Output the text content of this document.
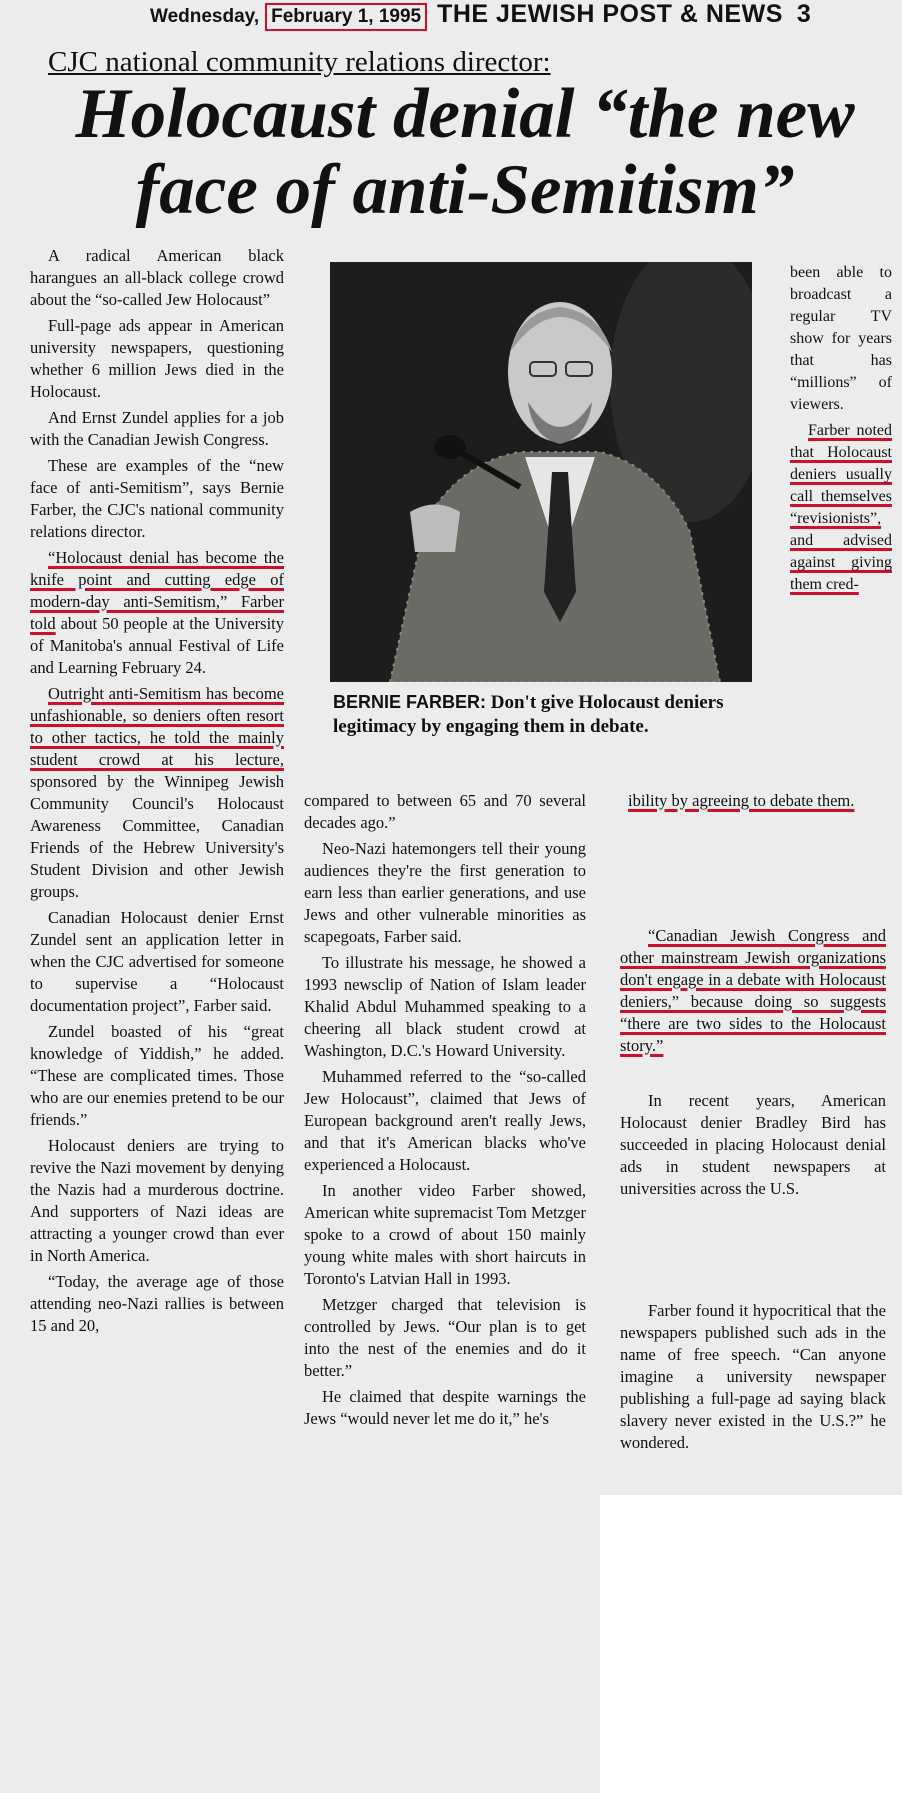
Wednesday, February 1, 1995 THE JEWISH POST & NEWS 3
CJC national community relations director:
Holocaust denial “the new face of anti-Semitism”

A radical American black harangues an all-black college crowd about the “so-called Jew Holocaust”

Full-page ads appear in American university newspapers, questioning whether 6 million Jews died in the Holocaust.

And Ernst Zundel applies for a job with the Canadian Jewish Congress.

These are examples of the “new face of anti-Semitism”, says Bernie Farber, the CJC's national community relations director.

“Holocaust denial has become the knife point and cutting edge of modern-day anti-Semitism,” Farber told about 50 people at the University of Manitoba's annual Festival of Life and Learning February 24.

Outright anti-Semitism has become unfashionable, so deniers often resort to other tactics, he told the mainly student crowd at his lecture, sponsored by the Winnipeg Jewish Community Council's Holocaust Awareness Committee, Canadian Friends of the Hebrew University's Student Division and other Jewish groups.

Canadian Holocaust denier Ernst Zundel sent an application letter in when the CJC advertised for someone to supervise a “Holocaust documentation project”, Farber said.

Zundel boasted of his “great knowledge of Yiddish,” he added. “These are complicated times. Those who are our enemies pretend to be our friends.”

Holocaust deniers are trying to revive the Nazi movement by denying the Nazis had a murderous doctrine. And supporters of Nazi ideas are attracting a younger crowd than ever in North America.

“Today, the average age of those attending neo-Nazi rallies is between 15 and 20,

BERNIE FARBER: Don't give Holocaust deniers legitimacy by engaging them in debate.

compared to between 65 and 70 several decades ago.”

Neo-Nazi hatemongers tell their young audiences they're the first generation to earn less than earlier generations, and use Jews and other vulnerable minorities as scapegoats, Farber said.

To illustrate his message, he showed a 1993 newsclip of Nation of Islam leader Khalid Abdul Muhammed speaking to a cheering all black student crowd at Washington, D.C.'s Howard University.

Muhammed referred to the “so-called Jew Holocaust”, claimed that Jews of European background aren't really Jews, and that it's American blacks who've experienced a Holocaust.

In another video Farber showed, American white supremacist Tom Metzger spoke to a crowd of about 150 mainly young white males with short haircuts in Toronto's Latvian Hall in 1993.

Metzger charged that television is controlled by Jews. “Our plan is to get into the nest of the enemies and do it better.”

He claimed that despite warnings the Jews “would never let me do it,” he's

been able to broadcast a regular TV show for years that has “millions” of viewers.

Farber noted that Holocaust deniers usually call themselves “revisionists”, and advised against giving them cred-

ibility by agreeing to debate them.

“Canadian Jewish Congress and other mainstream Jewish organizations don't engage in a debate with Holocaust deniers,” because doing so suggests “there are two sides to the Holocaust story.”

In recent years, American Holocaust denier Bradley Bird has succeeded in placing Holocaust denial ads in student newspapers at universities across the U.S.

Farber found it hypocritical that the newspapers published such ads in the name of free speech. “Can anyone imagine a university newspaper publishing a full-page ad saying black slavery never existed in the U.S.?” he wondered.
